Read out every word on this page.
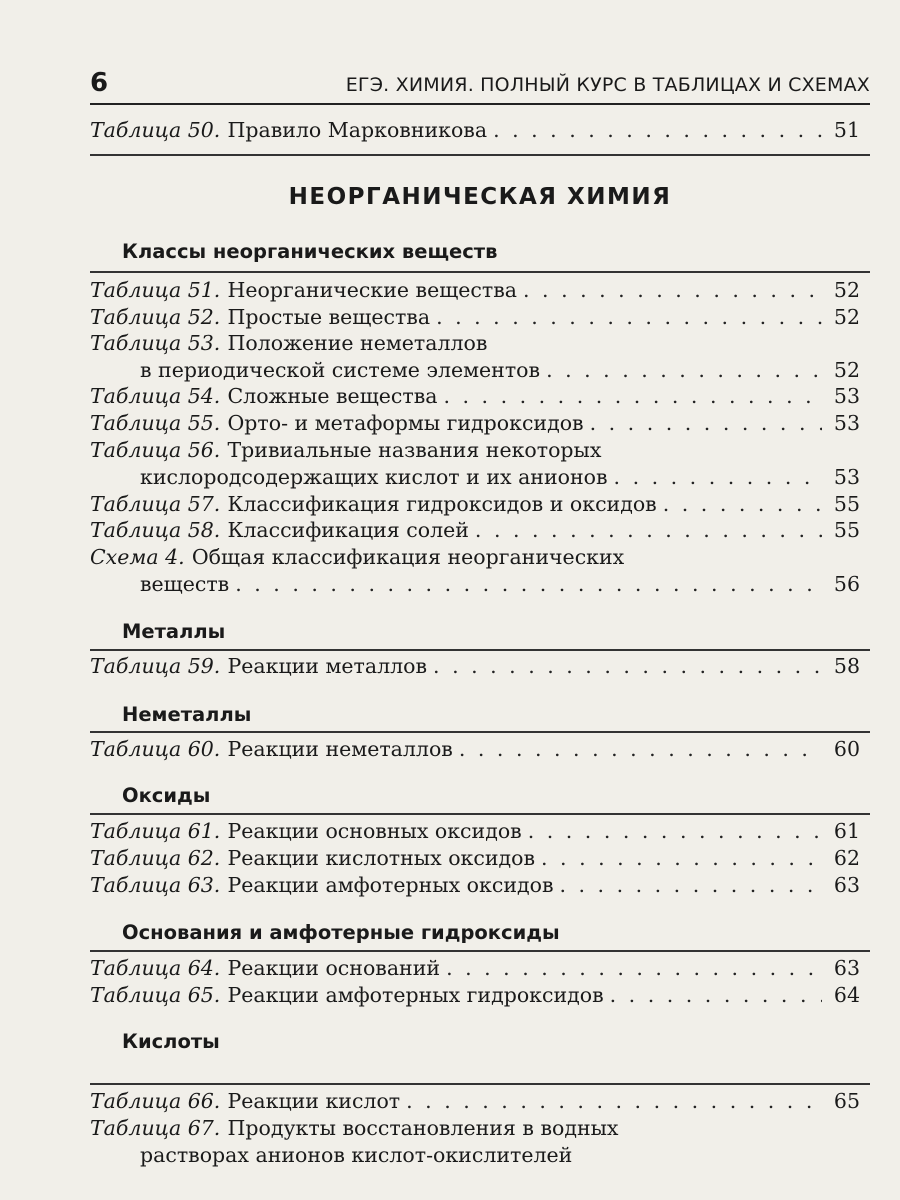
6	ЕГЭ. ХИМИЯ. ПОЛНЫЙ КУРС В ТАБЛИЦАХ И СХЕМАХ
Таблица 50. Правило Марковникова . . .	51
НЕОРГАНИЧЕСКАЯ ХИМИЯ
Классы неорганических веществ
Таблица 51. Неорганические вещества . . .	52
Таблица 52. Простые вещества . . .	52
Таблица 53. Положение неметаллов
в периодической системе элементов . . .	52
Таблица 54. Сложные вещества . . .	53
Таблица 55. Орто- и метаформы гидроксидов . . .	53
Таблица 56. Тривиальные названия некоторых
кислородсодержащих кислот и их анионов . . .	53
Таблица 57. Классификация гидроксидов и оксидов . . .	55
Таблица 58. Классификация солей . . .	55
Схема 4. Общая классификация неорганических
веществ . . .	56
Металлы
Таблица 59. Реакции металлов . . .	58
Неметаллы
Таблица 60. Реакции неметаллов . . .	60
Оксиды
Таблица 61. Реакции основных оксидов . . .	61
Таблица 62. Реакции кислотных оксидов . . .	62
Таблица 63. Реакции амфотерных оксидов . . .	63
Основания и амфотерные гидроксиды
Таблица 64. Реакции оснований . . .	63
Таблица 65. Реакции амфотерных гидроксидов . . .	64
Кислоты
Таблица 66. Реакции кислот . . .	65
Таблица 67. Продукты восстановления в водных
растворах анионов кислот-окислителей
